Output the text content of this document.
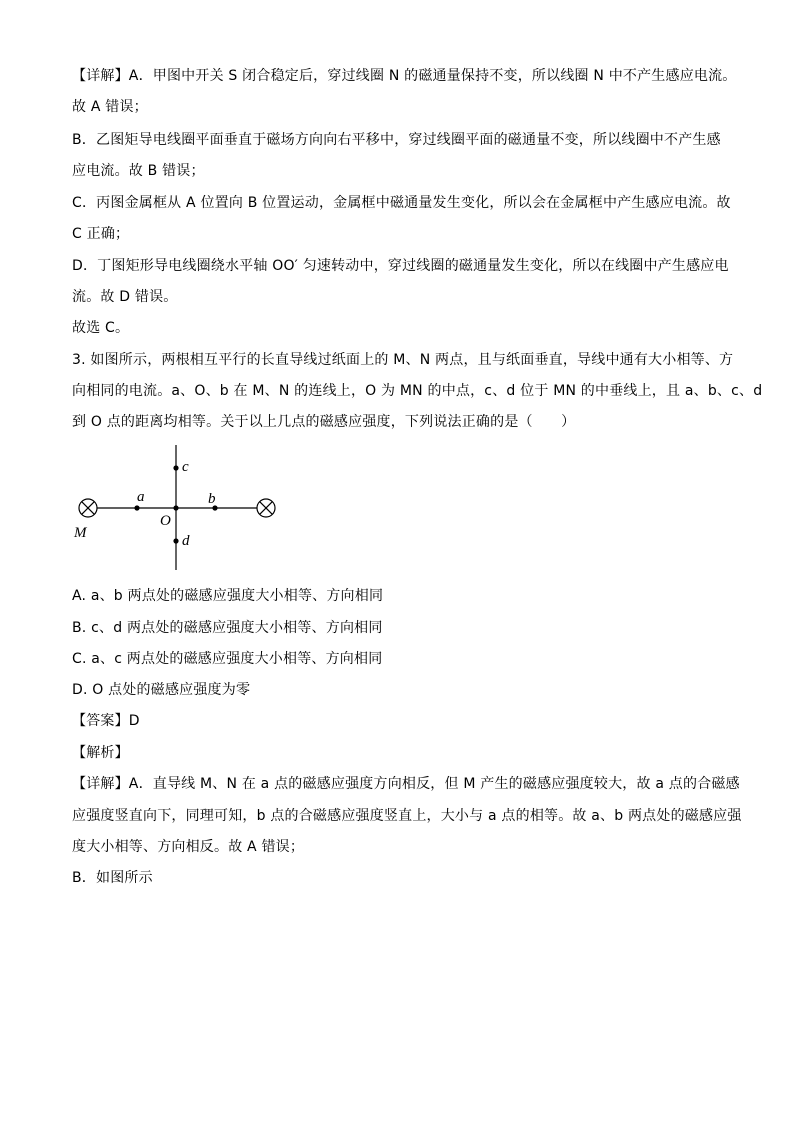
【详解】A．甲图中开关 S 闭合稳定后，穿过线圈 N 的磁通量保持不变，所以线圈 N 中不产生感应电流。
故 A 错误；
B．乙图矩导电线圈平面垂直于磁场方向向右平移中，穿过线圈平面的磁通量不变，所以线圈中不产生感
应电流。故 B 错误；
C．丙图金属框从 A 位置向 B 位置运动，金属框中磁通量发生变化，所以会在金属框中产生感应电流。故
C 正确；
D．丁图矩形导电线圈绕水平轴 OO′ 匀速转动中，穿过线圈的磁通量发生变化，所以在线圈中产生感应电
流。故 D 错误。
故选 C。
3. 如图所示，两根相互平行的长直导线过纸面上的 M、N 两点，且与纸面垂直，导线中通有大小相等、方
向相同的电流。a、O、b 在 M、N 的连线上，O 为 MN 的中点，c、d 位于 MN 的中垂线上，且 a、b、c、d
到 O 点的距离均相等。关于以上几点的磁感应强度，下列说法正确的是（　　）
c
a	b
O
d
M
A. a、b 两点处的磁感应强度大小相等、方向相同
B. c、d 两点处的磁感应强度大小相等、方向相同
C. a、c 两点处的磁感应强度大小相等、方向相同
D. O 点处的磁感应强度为零
【答案】D
【解析】
【详解】A．直导线 M、N 在 a 点的磁感应强度方向相反，但 M 产生的磁感应强度较大，故 a 点的合磁感
应强度竖直向下，同理可知，b 点的合磁感应强度竖直上，大小与 a 点的相等。故 a、b 两点处的磁感应强
度大小相等、方向相反。故 A 错误；
B．如图所示
